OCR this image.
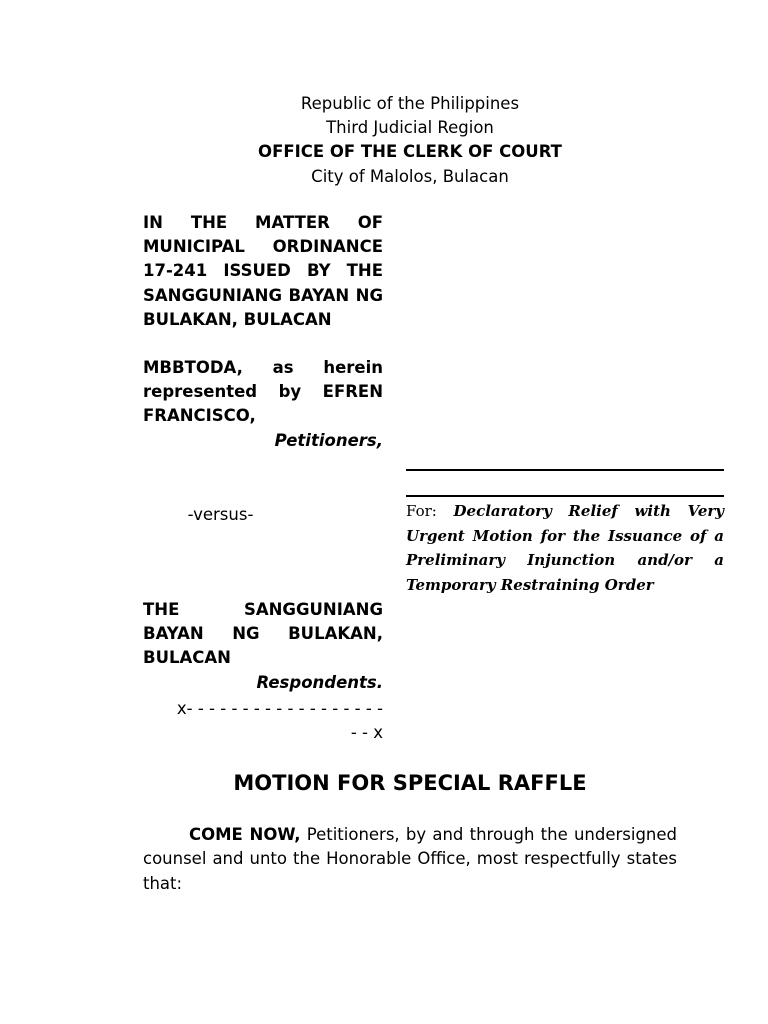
Republic of the Philippines
Third Judicial Region
OFFICE OF THE CLERK OF COURT
City of Malolos, Bulacan
IN THE MATTER OF MUNICIPAL ORDINANCE 17-241 ISSUED BY THE SANGGUNIANG BAYAN NG BULAKAN, BULACAN
MBBTODA, as herein represented by EFREN FRANCISCO,
Petitioners,
-versus-	For: Declaratory Relief with Very Urgent Motion for the Issuance of a Preliminary Injunction and/or a Temporary Restraining Order
THE SANGGUNIANG BAYAN NG BULAKAN, BULACAN
Respondents.
x- - - - - - - - - - - - - - - - - -
- - x
MOTION FOR SPECIAL RAFFLE
COME NOW, Petitioners, by and through the undersigned counsel and unto the Honorable Office, most respectfully states that:
